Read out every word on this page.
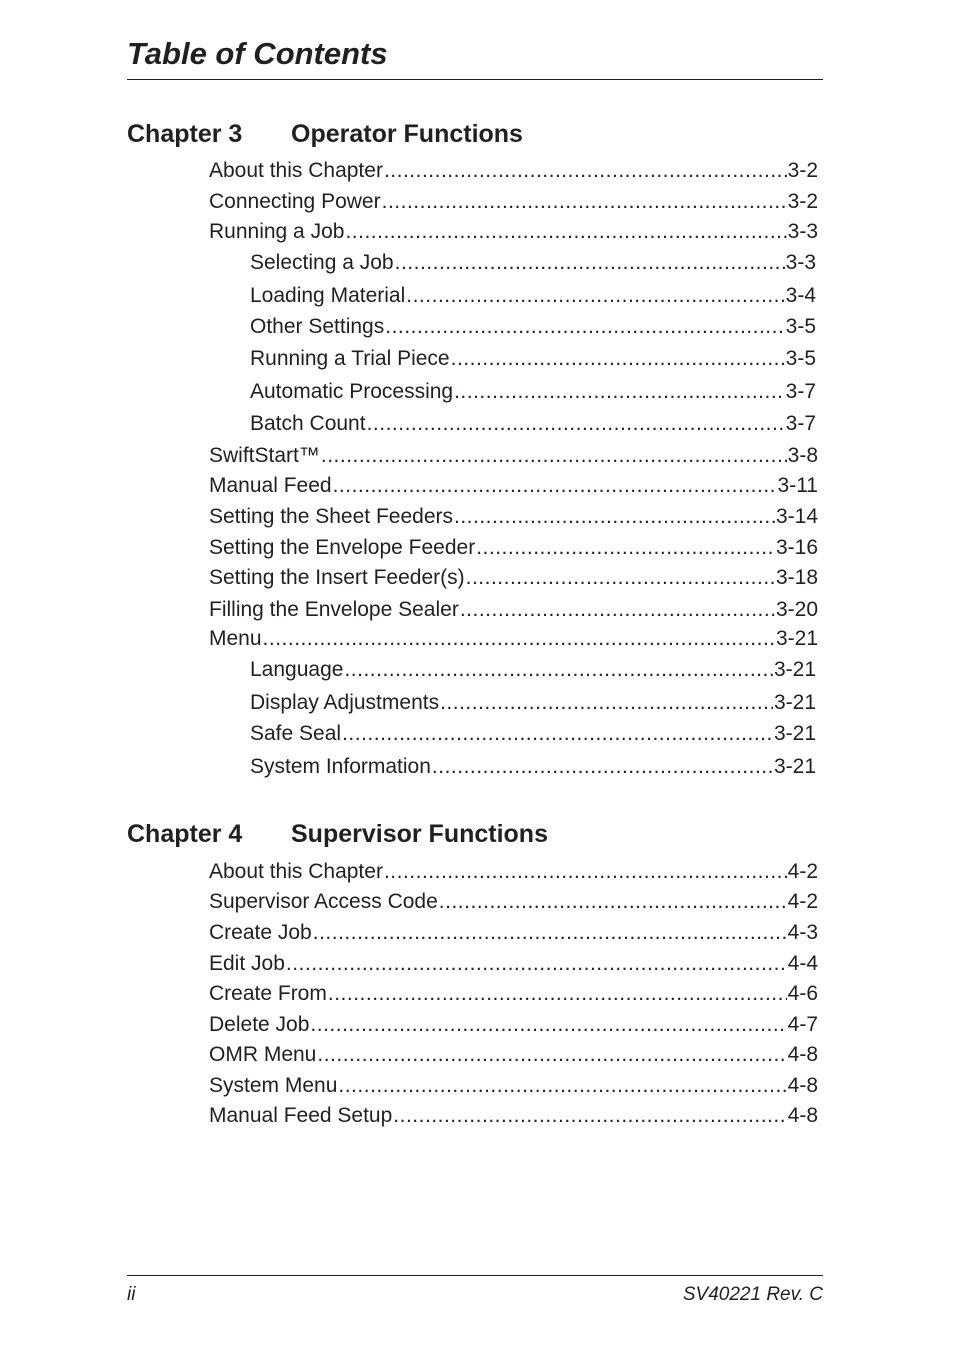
Table of Contents
Chapter 3 Operator Functions
About this Chapter .....	3-2
Connecting Power .....	3-2
Running a Job .....	3-3
Selecting a Job .....	3-3
Loading Material .....	3-4
Other Settings .....	3-5
Running a Trial Piece .....	3-5
Automatic Processing .....	3-7
Batch Count .....	3-7
SwiftStart™ .....	3-8
Manual Feed .....	3-11
Setting the Sheet Feeders .....	3-14
Setting the Envelope Feeder .....	3-16
Setting the Insert Feeder(s) .....	3-18
Filling the Envelope Sealer .....	3-20
Menu .....	3-21
Language .....	3-21
Display Adjustments .....	3-21
Safe Seal .....	3-21
System Information .....	3-21
Chapter 4 Supervisor Functions
About this Chapter .....	4-2
Supervisor Access Code .....	4-2
Create Job .....	4-3
Edit Job .....	4-4
Create From .....	4-6
Delete Job .....	4-7
OMR Menu .....	4-8
System Menu .....	4-8
Manual Feed Setup .....	4-8
ii	SV40221 Rev. C
